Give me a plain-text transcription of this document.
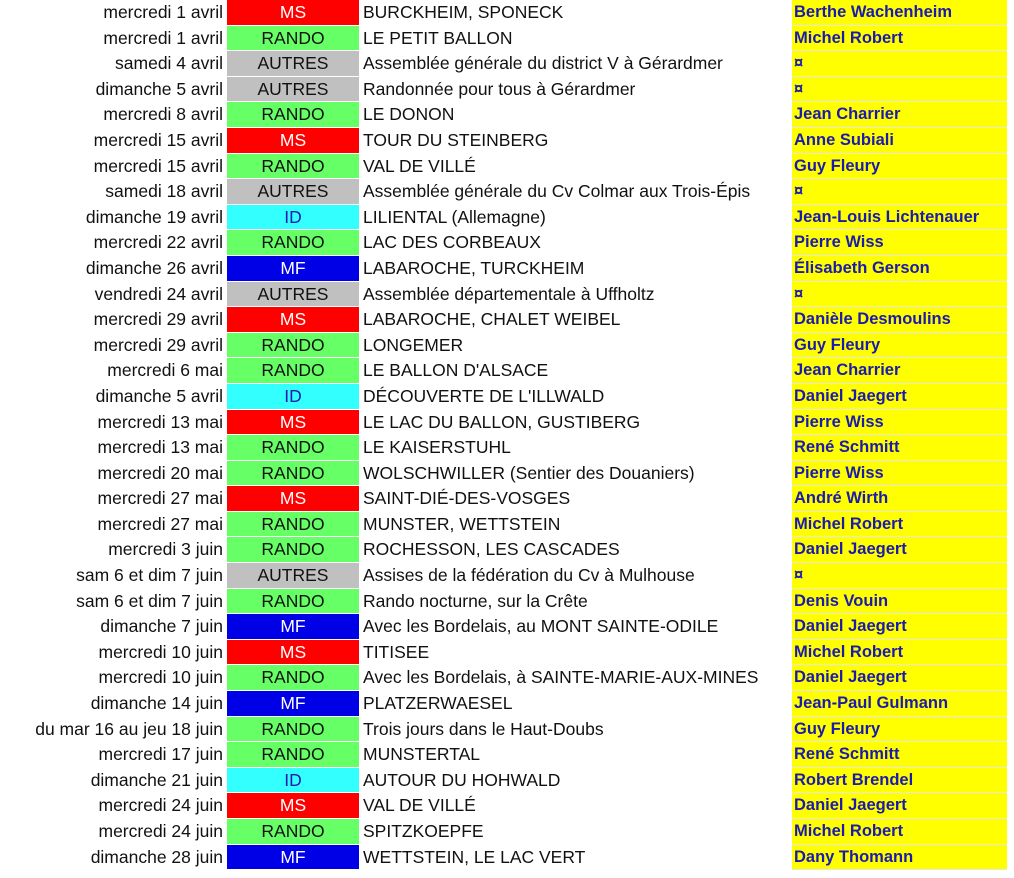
mercredi 1 avril	MS	BURCKHEIM, SPONECK	Berthe Wachenheim
mercredi 1 avril	RANDO	LE PETIT BALLON	Michel Robert
samedi 4 avril	AUTRES	Assemblée générale du district V à Gérardmer	¤
dimanche 5 avril	AUTRES	Randonnée pour tous à Gérardmer	¤
mercredi 8 avril	RANDO	LE DONON	Jean Charrier
mercredi 15 avril	MS	TOUR DU STEINBERG	Anne Subiali
mercredi 15 avril	RANDO	VAL DE VILLÉ	Guy Fleury
samedi 18 avril	AUTRES	Assemblée générale du Cv Colmar aux Trois-Épis	¤
dimanche 19 avril	ID	LILIENTAL (Allemagne)	Jean-Louis Lichtenauer
mercredi 22 avril	RANDO	LAC DES CORBEAUX	Pierre Wiss
dimanche 26 avril	MF	LABAROCHE, TURCKHEIM	Élisabeth Gerson
vendredi 24 avril	AUTRES	Assemblée départementale à Uffholtz	¤
mercredi 29 avril	MS	LABAROCHE, CHALET WEIBEL	Danièle Desmoulins
mercredi 29 avril	RANDO	LONGEMER	Guy Fleury
mercredi 6 mai	RANDO	LE BALLON D'ALSACE	Jean Charrier
dimanche 5 avril	ID	DÉCOUVERTE DE L'ILLWALD	Daniel Jaegert
mercredi 13 mai	MS	LE LAC DU BALLON, GUSTIBERG	Pierre Wiss
mercredi 13 mai	RANDO	LE KAISERSTUHL	René Schmitt
mercredi 20 mai	RANDO	WOLSCHWILLER (Sentier des Douaniers)	Pierre Wiss
mercredi 27 mai	MS	SAINT-DIÉ-DES-VOSGES	André Wirth
mercredi 27 mai	RANDO	MUNSTER, WETTSTEIN	Michel Robert
mercredi 3 juin	RANDO	ROCHESSON, LES CASCADES	Daniel Jaegert
sam 6 et dim 7 juin	AUTRES	Assises de la fédération du Cv à Mulhouse	¤
sam 6 et dim 7 juin	RANDO	Rando nocturne, sur la Crête	Denis Vouin
dimanche 7 juin	MF	Avec les Bordelais, au MONT SAINTE-ODILE	Daniel Jaegert
mercredi 10 juin	MS	TITISEE	Michel Robert
mercredi 10 juin	RANDO	Avec les Bordelais, à SAINTE-MARIE-AUX-MINES	Daniel Jaegert
dimanche 14 juin	MF	PLATZERWAESEL	Jean-Paul Gulmann
du mar 16 au jeu 18 juin	RANDO	Trois jours dans le Haut-Doubs	Guy Fleury
mercredi 17 juin	RANDO	MUNSTERTAL	René Schmitt
dimanche 21 juin	ID	AUTOUR DU HOHWALD	Robert Brendel
mercredi 24 juin	MS	VAL DE VILLÉ	Daniel Jaegert
mercredi 24 juin	RANDO	SPITZKOEPFE	Michel Robert
dimanche 28 juin	MF	WETTSTEIN, LE LAC VERT	Dany Thomann
